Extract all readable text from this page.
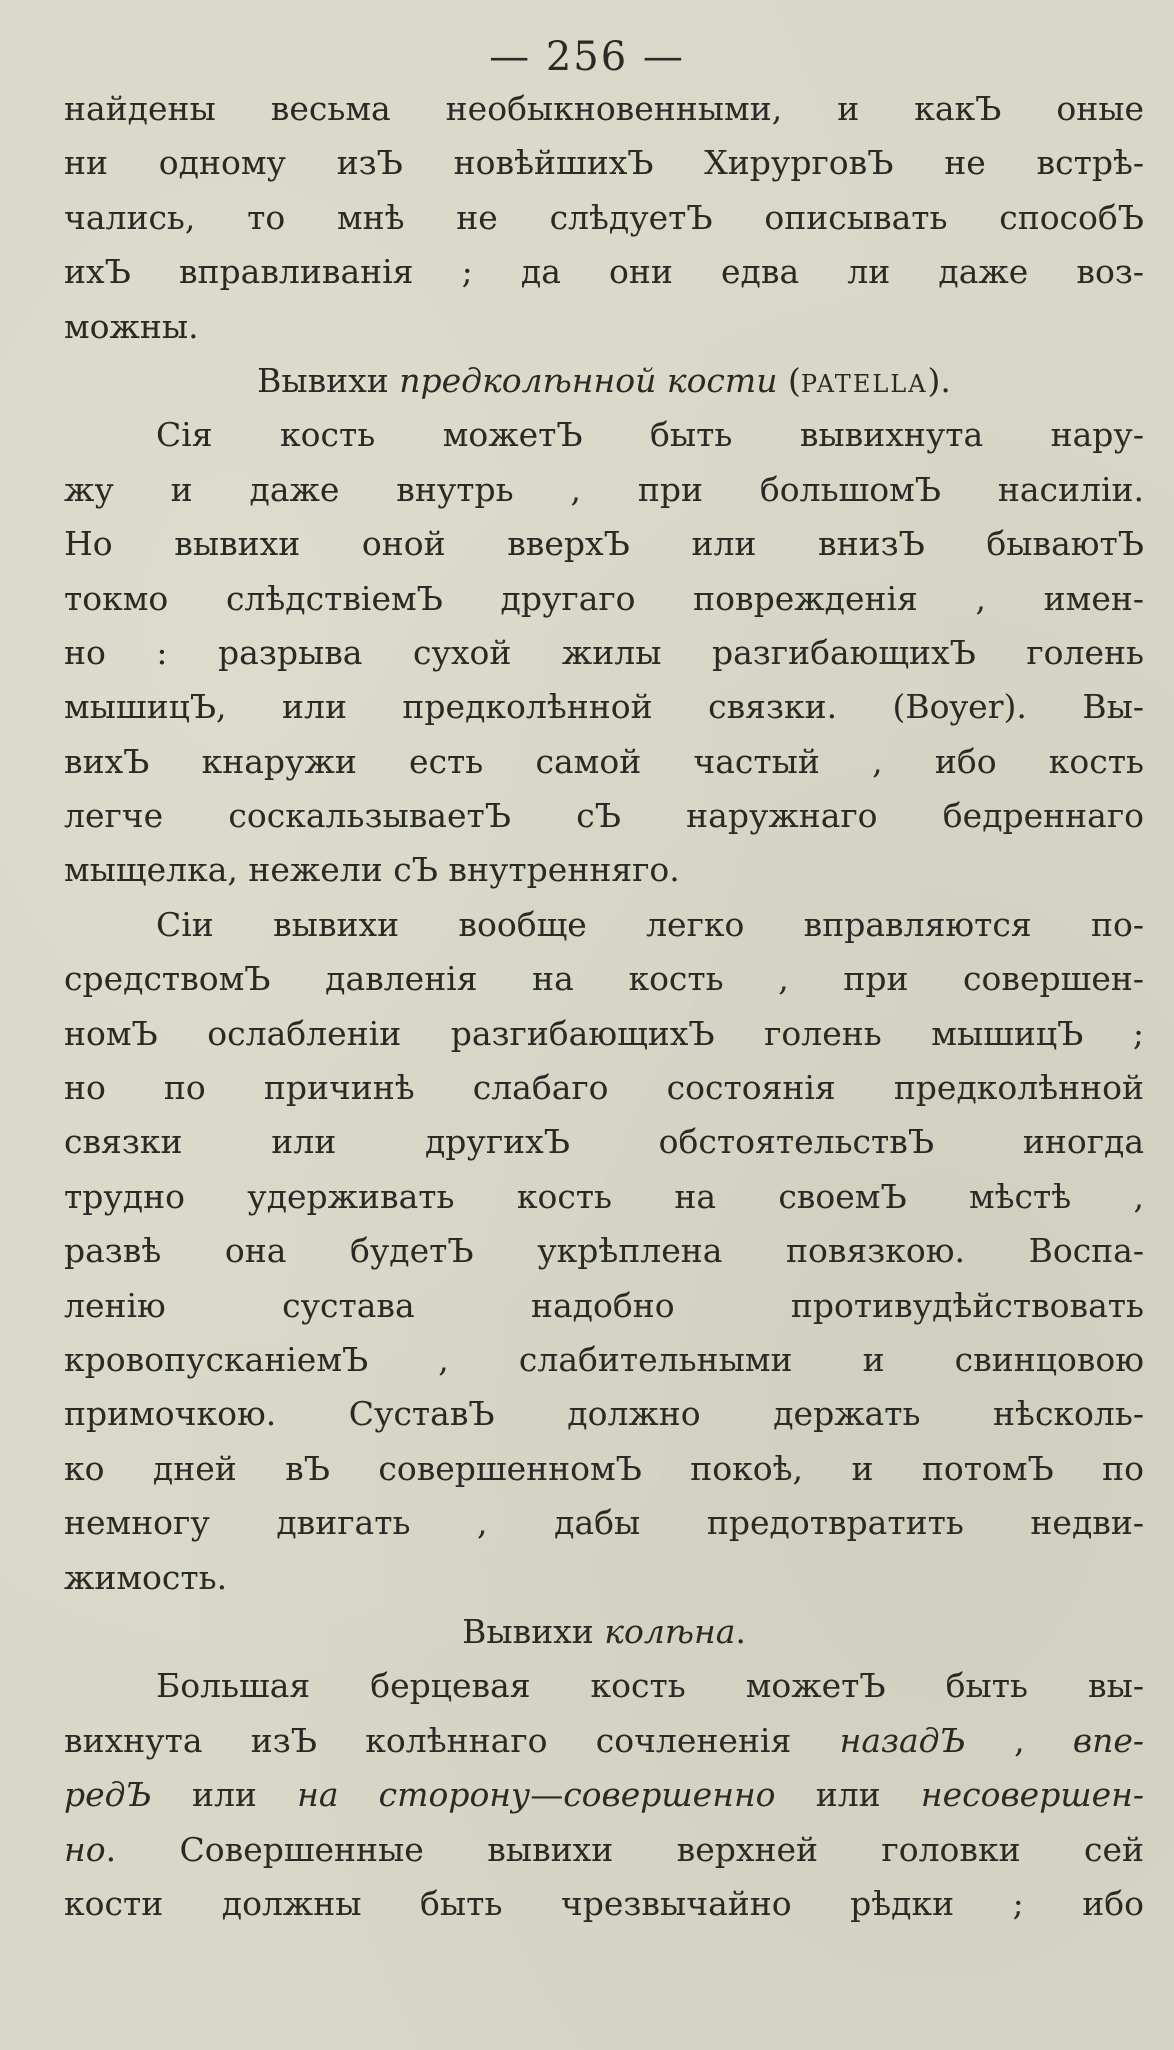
— 256 —
найдены весьма необыкновенными, и какЪ оные
ни одному изЪ новѣйшихЪ ХирурговЪ не встрѣ-
чались, то мнѣ не слѣдуетЪ описывать способЪ
ихЪ вправливанія ; да они едва ли даже воз-
можны.
Вывихи предколѣнной кости (PATELLA).
Сія кость можетЪ быть вывихнута нару-
жу и даже внутрь , при большомЪ насиліи.
Но вывихи оной вверхЪ или внизЪ бываютЪ
токмо слѣдствіемЪ другаго поврежденія , имен-
но : разрыва сухой жилы разгибающихЪ голень
мышицЪ, или предколѣнной связки. (Boyer). Вы-
вихЪ кнаружи есть самой частый , ибо кость
легче соскальзываетЪ сЪ наружнаго бедреннаго
мыщелка, нежели сЪ внутренняго.
Сіи вывихи вообще легко вправляются по-
средствомЪ давленія на кость , при совершен-
номЪ ослабленіи разгибающихЪ голень мышицЪ ;
но по причинѣ слабаго состоянія предколѣнной
связки или другихЪ обстоятельствЪ иногда
трудно удерживать кость на своемЪ мѣстѣ ,
развѣ она будетЪ укрѣплена повязкою. Воспа-
ленію сустава надобно противудѣйствовать
кровопусканіемЪ , слабительными и свинцовою
примочкою. СуставЪ должно держать нѣсколь-
ко дней вЪ совершенномЪ покоѣ, и потомЪ по
немногу двигать , дабы предотвратить недви-
жимость.
Вывихи колѣна.
Большая берцевая кость можетЪ быть вы-
вихнута изЪ колѣннаго сочлененія назадЪ , впе-
редЪ или на сторону—совершенно или несовершен-
но. Совершенные вывихи верхней головки сей
кости должны быть чрезвычайно рѣдки ; ибо
